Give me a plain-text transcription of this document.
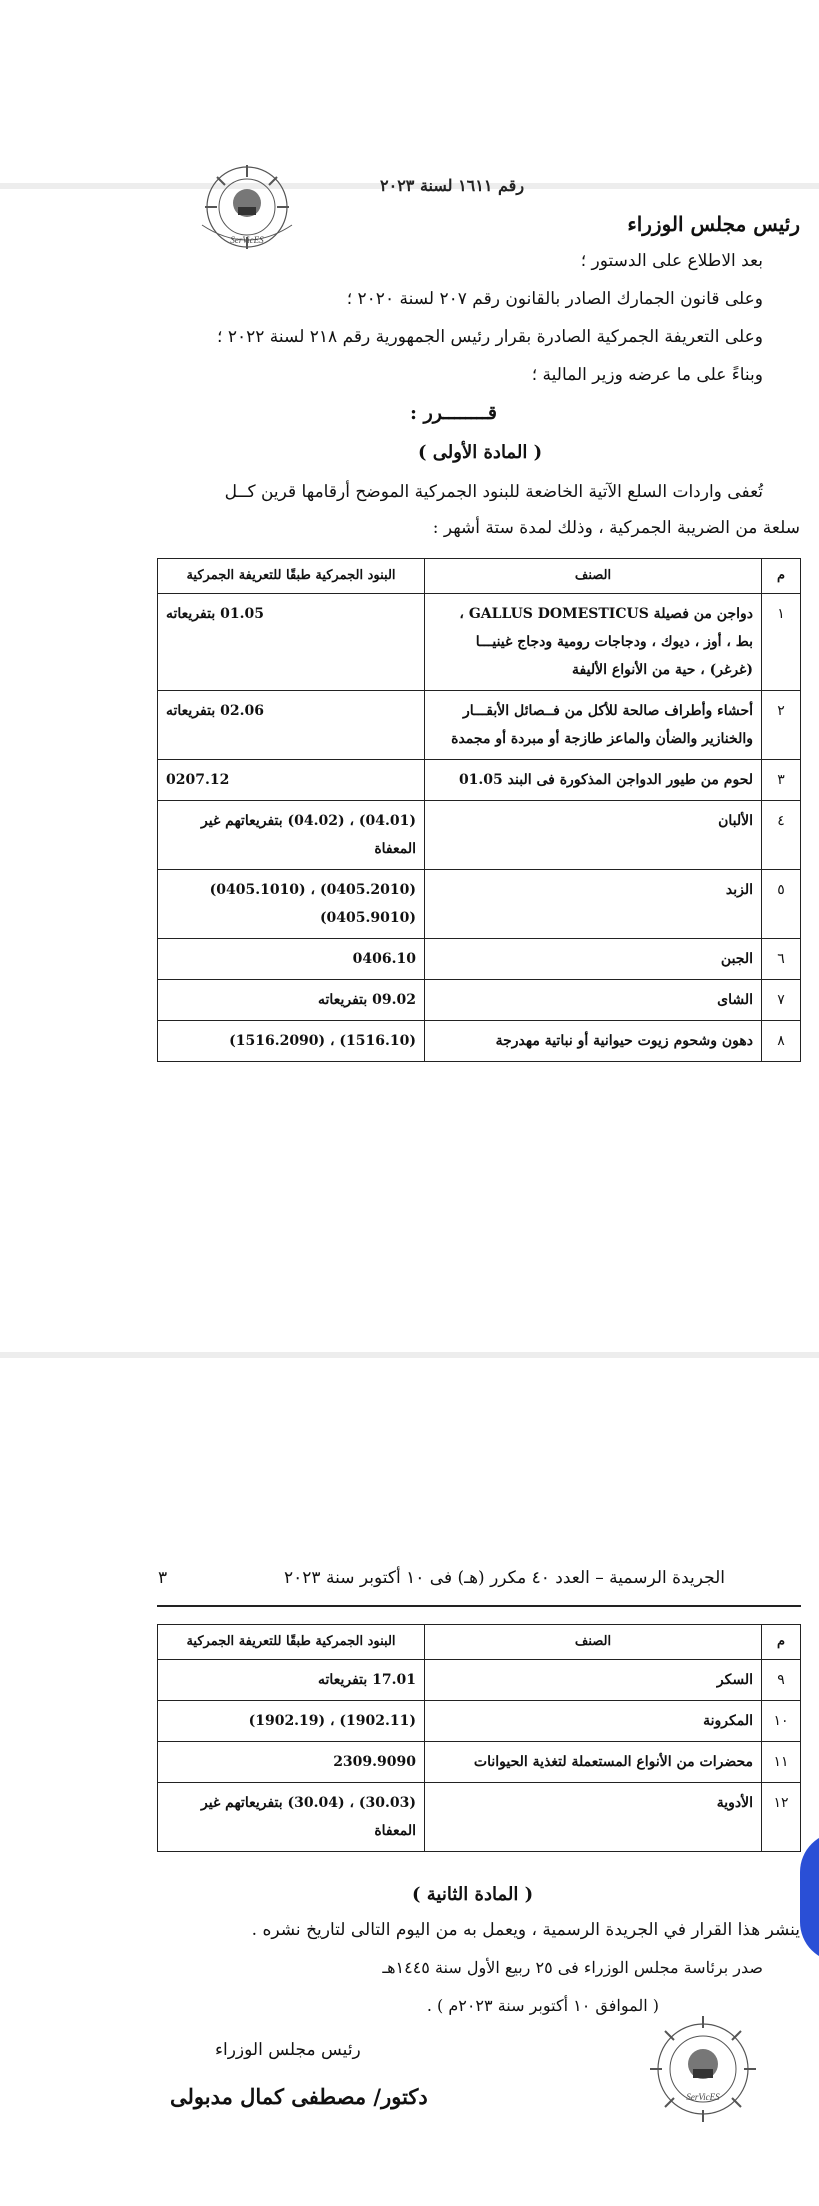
SerVicES
رقم ١٦١١ لسنة ٢٠٢٣
رئيس مجلس الوزراء
بعد الاطلاع على الدستور ؛
وعلى قانون الجمارك الصادر بالقانون رقم ٢٠٧ لسنة ٢٠٢٠ ؛
وعلى التعريفة الجمركية الصادرة بقرار رئيس الجمهورية رقم ٢١٨ لسنة ٢٠٢٢ ؛
وبناءً على ما عرضه وزير المالية ؛
قــــــــرر :
( المادة الأولى )
تُعفى واردات السلع الآتية الخاضعة للبنود الجمركية الموضح أرقامها قرين كــل
سلعة من الضريبة الجمركية ، وذلك لمدة ستة أشهر :
م	الصنف	البنود الجمركية طبقًا للتعريفة الجمركية
١	دواجن من فصيلة GALLUS DOMESTICUS ،
بط ، أوز ، ديوك ، ودجاجات رومية ودجاج غينيـــا
(غرغر) ، حية من الأنواع الأليفة	01.05 بتفريعاته

٢	أحشاء وأطراف صالحة للأكل من فــصائل الأبقـــار
والخنازير والضأن والماعز طازجة أو مبردة أو مجمدة	02.06 بتفريعاته

٣	لحوم من طيور الدواجن المذكورة فى البند 01.05	0207.12

٤	الألبان	(04.01) ، (04.02) بتفريعاتهم غير المعفاة

٥	الزبد	(0405.1010) ، (0405.2010)
(0405.9010)

٦	الجبن	0406.10

٧	الشاى	09.02 بتفريعاته

٨	دهون وشحوم زيوت حيوانية أو نباتية مهدرجة	(1516.2090) ، (1516.10)
الجريدة الرسمية – العدد ٤٠ مكرر (هـ) فى ١٠ أكتوبر سنة ٢٠٢٣
٣
م	الصنف	البنود الجمركية طبقًا للتعريفة الجمركية
٩	السكر	17.01 بتفريعاته

١٠	المكرونة	(1902.19) ، (1902.11)

١١	محضرات من الأنواع المستعملة لتغذية الحيوانات	2309.9090

١٢	الأدوية	(30.03) ، (30.04) بتفريعاتهم غير المعفاة
( المادة الثانية )
ينشر هذا القرار في الجريدة الرسمية ، ويعمل به من اليوم التالى لتاريخ نشره .
صدر برئاسة مجلس الوزراء فى ٢٥ ربيع الأول سنة ١٤٤٥هـ
( الموافق ١٠ أكتوبر سنة ٢٠٢٣م ) .
رئيس مجلس الوزراء
دكتور/ مصطفى كمال مدبولى	SerVicES
